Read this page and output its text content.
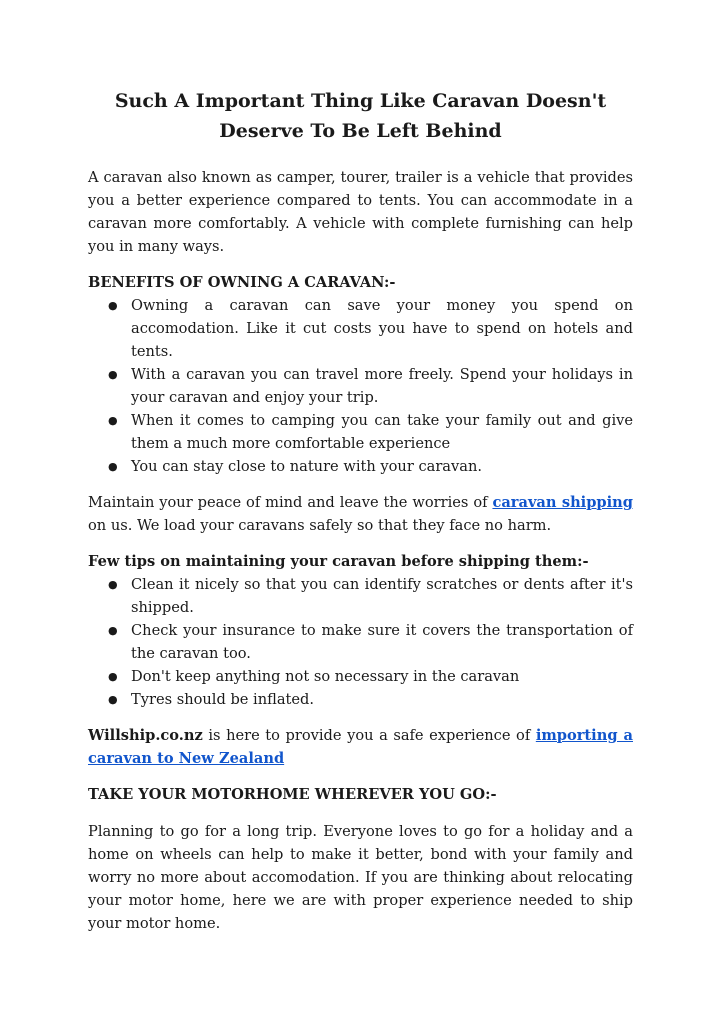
Such A Important Thing Like Caravan Doesn't Deserve To Be Left Behind

A caravan also known as camper, tourer, trailer is a vehicle that provides you a better experience compared to tents. You can accommodate in a caravan more comfortably. A vehicle with complete furnishing can help you in many ways.

BENEFITS OF OWNING A CARAVAN:-
● Owning a caravan can save your money you spend on accomodation. Like it cut costs you have to spend on hotels and tents.
● With a caravan you can travel more freely. Spend your holidays in your caravan and enjoy your trip.
● When it comes to camping you can take your family out and give them a much more comfortable experience
● You can stay close to nature with your caravan.

Maintain your peace of mind and leave the worries of caravan shipping on us. We load your caravans safely so that they face no harm.

Few tips on maintaining your caravan before shipping them:-
● Clean it nicely so that you can identify scratches or dents after it's shipped.
● Check your insurance to make sure it covers the transportation of the caravan too.
● Don't keep anything not so necessary in the caravan
● Tyres should be inflated.

Willship.co.nz is here to provide you a safe experience of importing a caravan to New Zealand

TAKE YOUR MOTORHOME WHEREVER YOU GO:-

Planning to go for a long trip. Everyone loves to go for a holiday and a home on wheels can help to make it better, bond with your family and worry no more about accomodation. If you are thinking about relocating your motor home, here we are with proper experience needed to ship your motor home.
